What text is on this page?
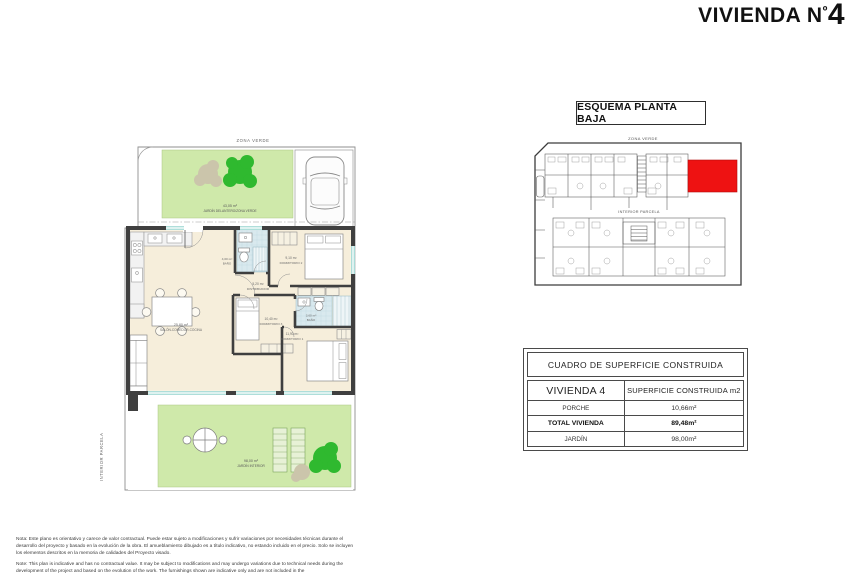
VIVIENDA $N^º4$
43,05 m²
JARDÍN DELANTERO/ZONA VERDE
98,00 m²
JARDÍN INTERIOR
4,00 m²
BAÑO
3,60 m²
BAÑO
25,80 m²
SALÓN-COMEDOR-COCINA
9,10 m²
DORMITORIO 2
5,20 m²
DISTRIBUIDOR
10,40 m²
DORMITORIO 3
11,90 m²
DORMITORIO 1
ZONA VERDE
INTERIOR PARCELA
ESQUEMA PLANTA BAJA
ZONA VERDE
INTERIOR PARCELA
CUADRO DE SUPERFICIE CONSTRUIDA
VIVIENDA 4	SUPERFICIE CONSTRUIDA m2
PORCHE	10,66m²
TOTAL VIVIENDA	89,48m²
JARDÍN	98,00m²

Nota: Este plano es orientativo y carece de valor contractual. Puede estar sujeto a modificaciones y sufrir variaciones por necesidades técnicas durante el desarrollo del proyecto y basado en la evolución de la obra. El amueblamiento dibujado es a título indicativo, no estando incluido en el precio. Solo se incluyen los elementos descritos en la memoria de calidades del Proyecto visado.

Note: This plan is indicative and has no contractual value. It may be subject to modifications and may undergo variations due to technical needs during the development of the project and based on the evolution of the work. The furnishings shown are indicative only and are not included in the
